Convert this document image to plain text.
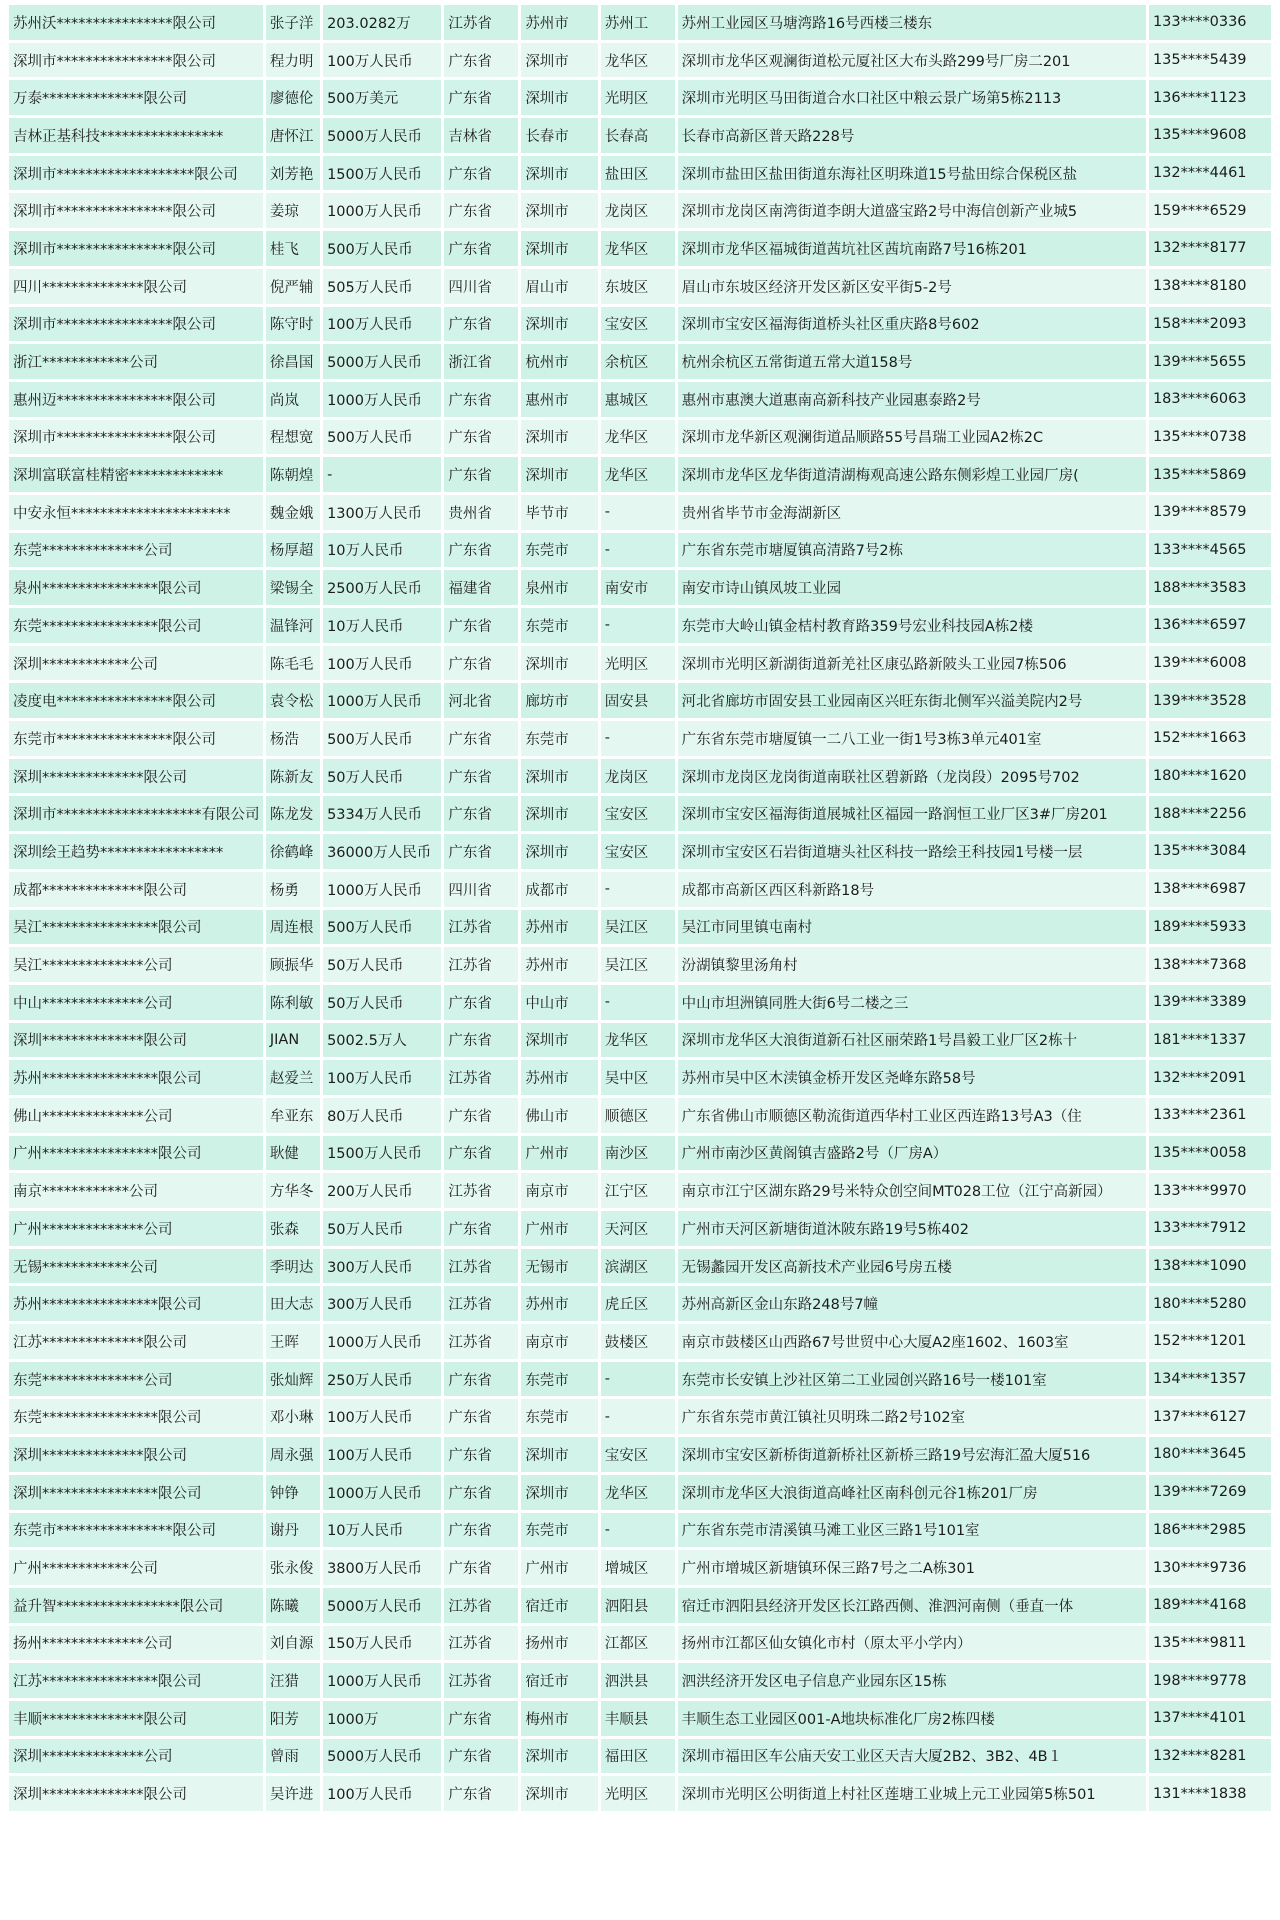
苏州沃****************限公司	张子洋	203.0282万	江苏省	苏州市	苏州工	苏州工业园区马塘湾路16号西楼三楼东	133****0336
深圳市****************限公司	程力明	100万人民币	广东省	深圳市	龙华区	深圳市龙华区观澜街道松元厦社区大布头路299号厂房二201	135****5439
万泰**************限公司	廖德伦	500万美元	广东省	深圳市	光明区	深圳市光明区马田街道合水口社区中粮云景广场第5栋2113	136****1123
吉林正基科技*****************	唐怀江	5000万人民币	吉林省	长春市	长春高	长春市高新区普天路228号	135****9608
深圳市*******************限公司	刘芳艳	1500万人民币	广东省	深圳市	盐田区	深圳市盐田区盐田街道东海社区明珠道15号盐田综合保税区盐	132****4461
深圳市****************限公司	姜琼	1000万人民币	广东省	深圳市	龙岗区	深圳市龙岗区南湾街道李朗大道盛宝路2号中海信创新产业城5	159****6529
深圳市****************限公司	桂飞	500万人民币	广东省	深圳市	龙华区	深圳市龙华区福城街道茜坑社区茜坑南路7号16栋201	132****8177
四川**************限公司	倪严辅	505万人民币	四川省	眉山市	东坡区	眉山市东坡区经济开发区新区安平街5-2号	138****8180
深圳市****************限公司	陈守时	100万人民币	广东省	深圳市	宝安区	深圳市宝安区福海街道桥头社区重庆路8号602	158****2093
浙江************公司	徐昌国	5000万人民币	浙江省	杭州市	余杭区	杭州余杭区五常街道五常大道158号	139****5655
惠州迈****************限公司	尚岚	1000万人民币	广东省	惠州市	惠城区	惠州市惠澳大道惠南高新科技产业园惠泰路2号	183****6063
深圳市****************限公司	程想宽	500万人民币	广东省	深圳市	龙华区	深圳市龙华新区观澜街道品顺路55号昌瑞工业园A2栋2C	135****0738
深圳富联富桂精密*************	陈朝煌	-	广东省	深圳市	龙华区	深圳市龙华区龙华街道清湖梅观高速公路东侧彩煌工业园厂房(	135****5869
中安永恒**********************	魏金娥	1300万人民币	贵州省	毕节市	-	贵州省毕节市金海湖新区	139****8579
东莞**************公司	杨厚超	10万人民币	广东省	东莞市	-	广东省东莞市塘厦镇高清路7号2栋	133****4565
泉州****************限公司	梁锡全	2500万人民币	福建省	泉州市	南安市	南安市诗山镇凤坡工业园	188****3583
东莞****************限公司	温锋河	10万人民币	广东省	东莞市	-	东莞市大岭山镇金桔村教育路359号宏业科技园A栋2楼	136****6597
深圳************公司	陈毛毛	100万人民币	广东省	深圳市	光明区	深圳市光明区新湖街道新羌社区康弘路新陂头工业园7栋506	139****6008
凌度电****************限公司	袁令松	1000万人民币	河北省	廊坊市	固安县	河北省廊坊市固安县工业园南区兴旺东街北侧军兴溢美院内2号	139****3528
东莞市****************限公司	杨浩	500万人民币	广东省	东莞市	-	广东省东莞市塘厦镇一二八工业一街1号3栋3单元401室	152****1663
深圳**************限公司	陈新友	50万人民币	广东省	深圳市	龙岗区	深圳市龙岗区龙岗街道南联社区碧新路（龙岗段）2095号702	180****1620
深圳市********************有限公司	陈龙发	5334万人民币	广东省	深圳市	宝安区	深圳市宝安区福海街道展城社区福园一路润恒工业厂区3#厂房201	188****2256
深圳绘王趋势*****************	徐鹤峰	36000万人民币	广东省	深圳市	宝安区	深圳市宝安区石岩街道塘头社区科技一路绘王科技园1号楼一层	135****3084
成都**************限公司	杨勇	1000万人民币	四川省	成都市	-	成都市高新区西区科新路18号	138****6987
吴江****************限公司	周连根	500万人民币	江苏省	苏州市	吴江区	吴江市同里镇屯南村	189****5933
吴江**************公司	顾振华	50万人民币	江苏省	苏州市	吴江区	汾湖镇黎里汤角村	138****7368
中山**************公司	陈利敏	50万人民币	广东省	中山市	-	中山市坦洲镇同胜大街6号二楼之三	139****3389
深圳**************限公司	JIAN	5002.5万人	广东省	深圳市	龙华区	深圳市龙华区大浪街道新石社区丽荣路1号昌毅工业厂区2栋十	181****1337
苏州****************限公司	赵爱兰	100万人民币	江苏省	苏州市	吴中区	苏州市吴中区木渎镇金桥开发区尧峰东路58号	132****2091
佛山**************公司	牟亚东	80万人民币	广东省	佛山市	顺德区	广东省佛山市顺德区勒流街道西华村工业区西连路13号A3（住	133****2361
广州****************限公司	耿健	1500万人民币	广东省	广州市	南沙区	广州市南沙区黄阁镇吉盛路2号（厂房A）	135****0058
南京************公司	方华冬	200万人民币	江苏省	南京市	江宁区	南京市江宁区湖东路29号米特众创空间MT028工位（江宁高新园）	133****9970
广州**************公司	张森	50万人民币	广东省	广州市	天河区	广州市天河区新塘街道沐陂东路19号5栋402	133****7912
无锡************公司	季明达	300万人民币	江苏省	无锡市	滨湖区	无锡蠡园开发区高新技术产业园6号房五楼	138****1090
苏州****************限公司	田大志	300万人民币	江苏省	苏州市	虎丘区	苏州高新区金山东路248号7幢	180****5280
江苏**************限公司	王晖	1000万人民币	江苏省	南京市	鼓楼区	南京市鼓楼区山西路67号世贸中心大厦A2座1602、1603室	152****1201
东莞**************公司	张灿辉	250万人民币	广东省	东莞市	-	东莞市长安镇上沙社区第二工业园创兴路16号一楼101室	134****1357
东莞****************限公司	邓小琳	100万人民币	广东省	东莞市	-	广东省东莞市黄江镇社贝明珠二路2号102室	137****6127
深圳**************限公司	周永强	100万人民币	广东省	深圳市	宝安区	深圳市宝安区新桥街道新桥社区新桥三路19号宏海汇盈大厦516	180****3645
深圳****************限公司	钟铮	1000万人民币	广东省	深圳市	龙华区	深圳市龙华区大浪街道高峰社区南科创元谷1栋201厂房	139****7269
东莞市****************限公司	谢丹	10万人民币	广东省	东莞市	-	广东省东莞市清溪镇马滩工业区三路1号101室	186****2985
广州************公司	张永俊	3800万人民币	广东省	广州市	增城区	广州市增城区新塘镇环保三路7号之二A栋301	130****9736
益升智*****************限公司	陈曦	5000万人民币	江苏省	宿迁市	泗阳县	宿迁市泗阳县经济开发区长江路西侧、淮泗河南侧（垂直一体	189****4168
扬州**************公司	刘自源	150万人民币	江苏省	扬州市	江都区	扬州市江都区仙女镇化市村（原太平小学内）	135****9811
江苏****************限公司	汪猎	1000万人民币	江苏省	宿迁市	泗洪县	泗洪经济开发区电子信息产业园东区15栋	198****9778
丰顺**************限公司	阳芳	1000万	广东省	梅州市	丰顺县	丰顺生态工业园区001-A地块标准化厂房2栋四楼	137****4101
深圳**************公司	曾雨	5000万人民币	广东省	深圳市	福田区	深圳市福田区车公庙天安工业区天吉大厦2B2、3B2、4B１	132****8281
深圳**************限公司	吴许进	100万人民币	广东省	深圳市	光明区	深圳市光明区公明街道上村社区莲塘工业城上元工业园第5栋501	131****1838
